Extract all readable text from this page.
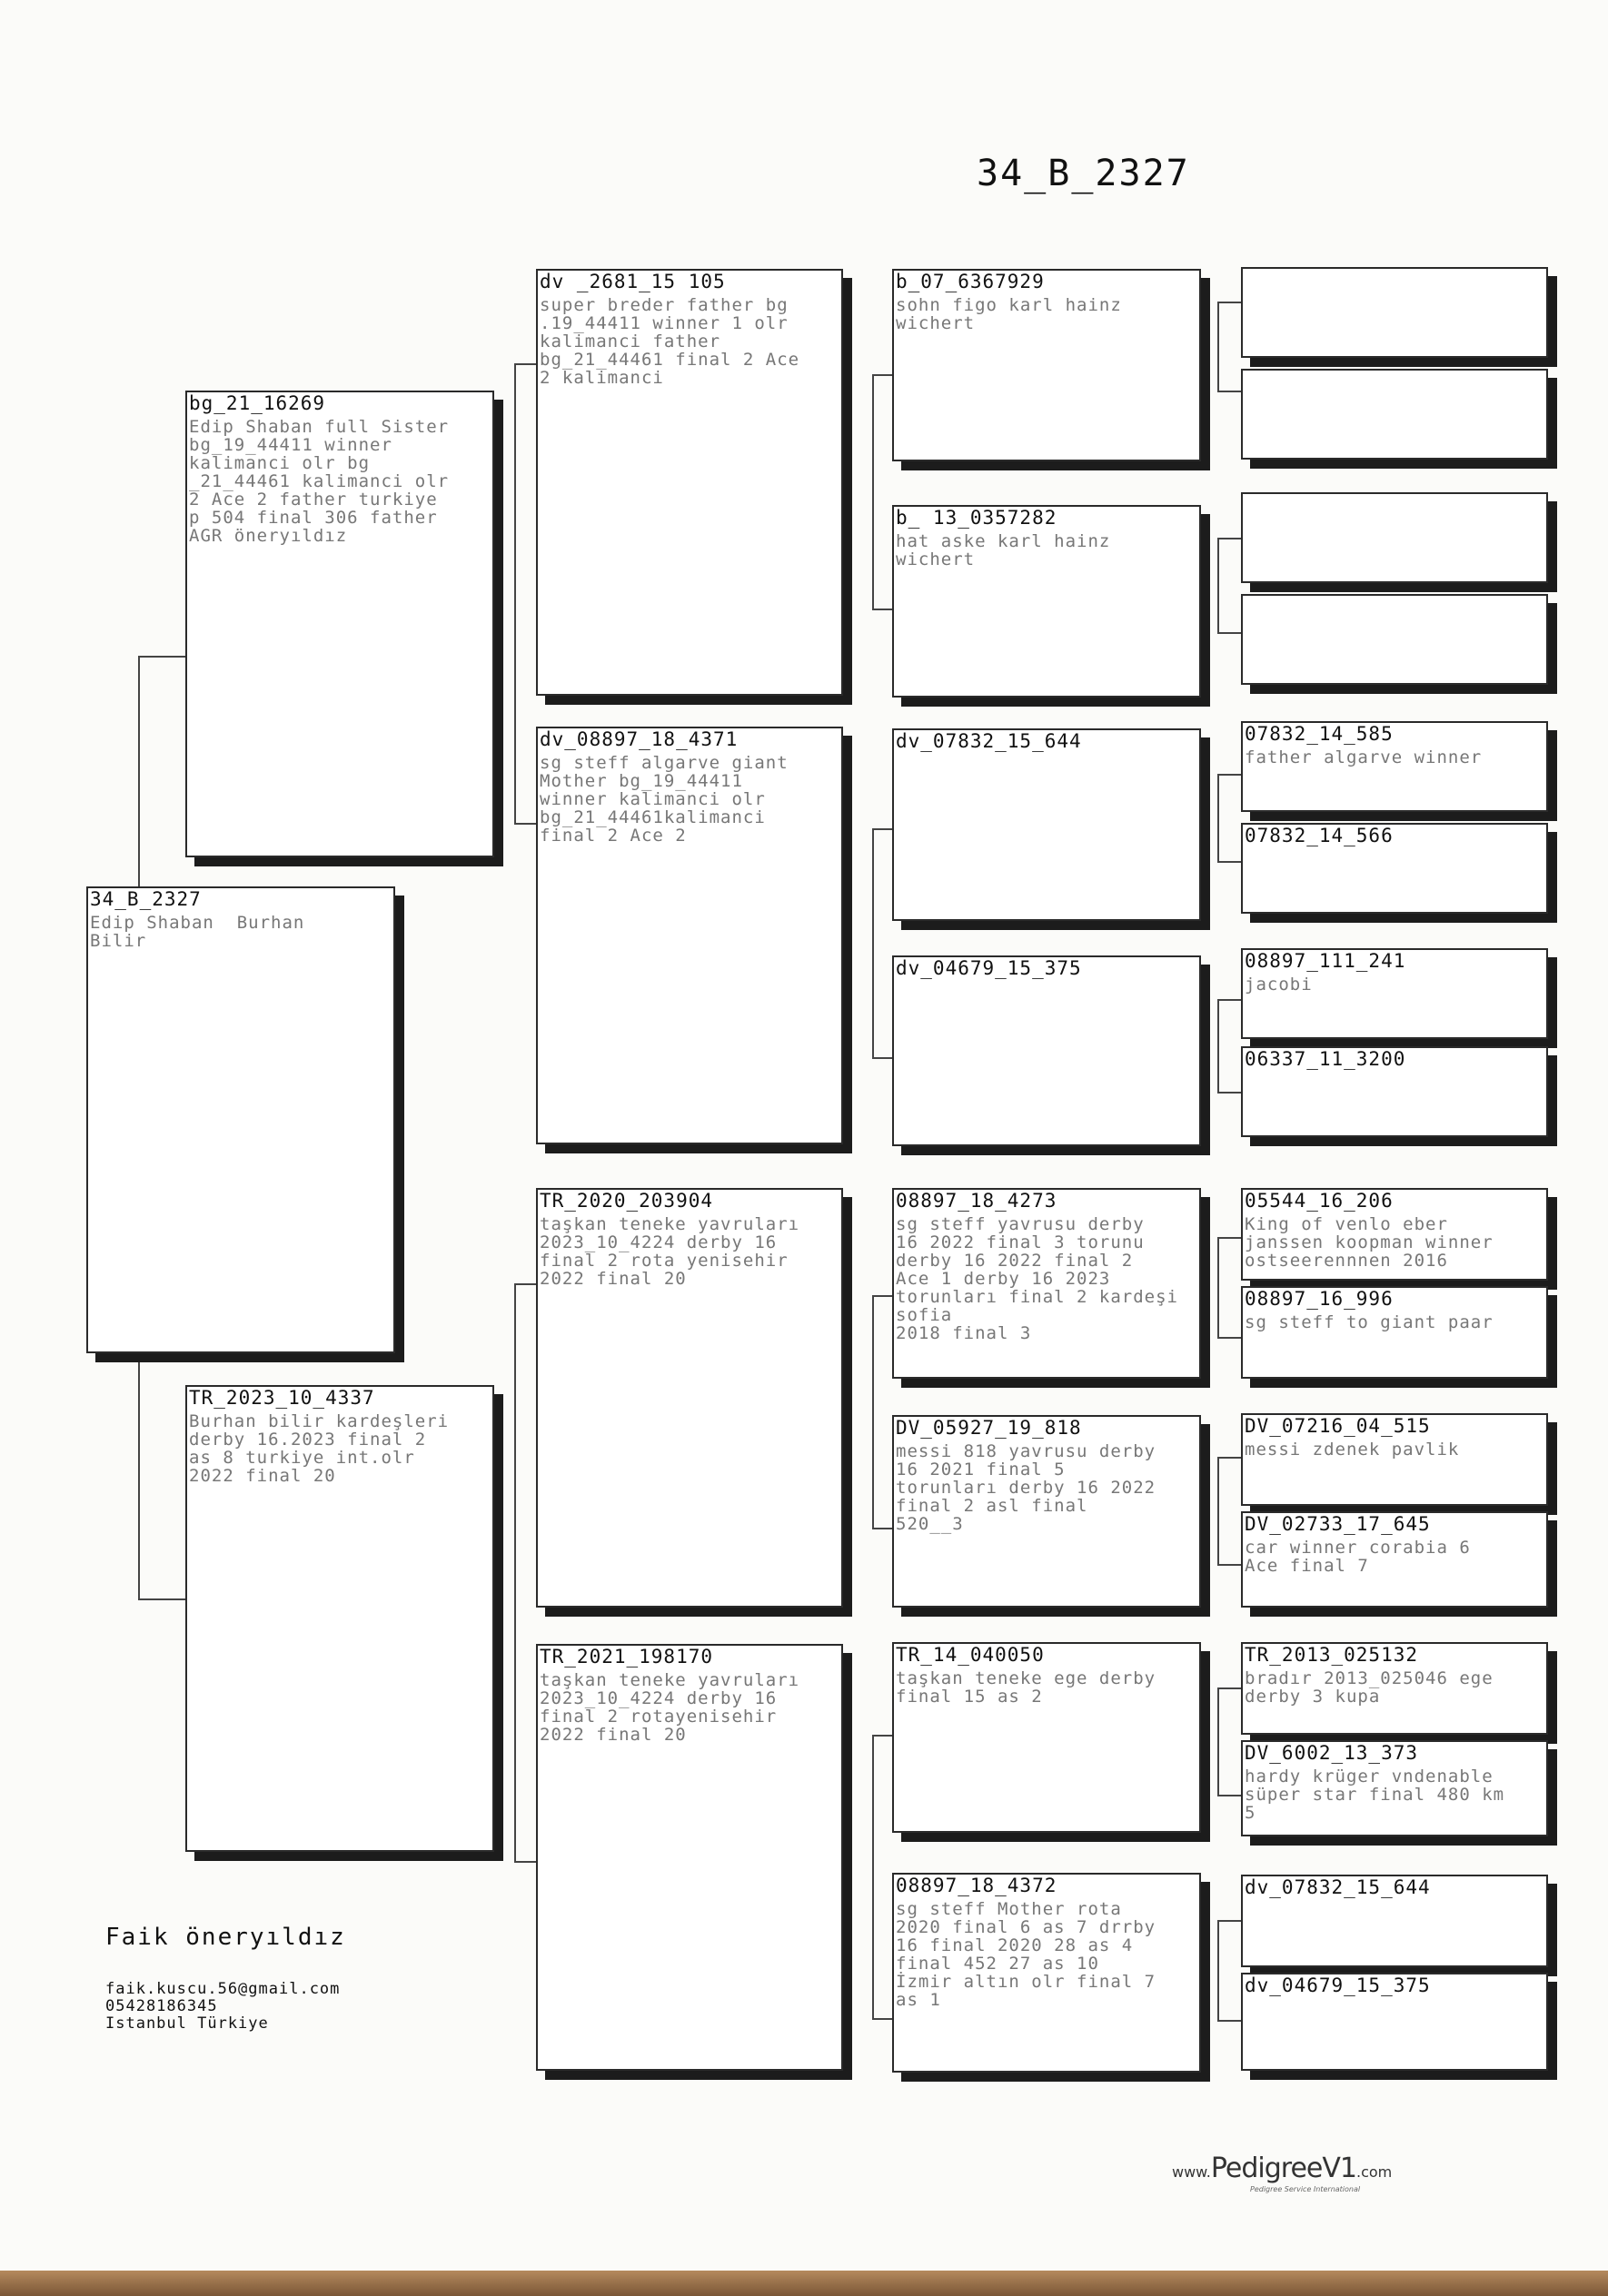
34_B_2327
34_B_2327
Edip Shaban  Burhan
Bilir
bg_21_16269
Edip Shaban full Sister
bg_19_44411 winner
kalimanci olr bg
_21_44461 kalimanci olr
2 Ace 2 father turkiye
p 504 final 306 father
AGR öneryıldız
TR_2023_10_4337
Burhan bilir kardeşleri
derby 16.2023 final 2
as 8 turkiye int.olr
2022 final 20
dv _2681_15 105
super breder father bg
.19_44411 winner 1 olr
kalimanci father
bg_21_44461 final 2 Ace
2 kalimanci
dv_08897_18_4371
sg steff algarve giant
Mother bg_19_44411
winner kalimanci olr
bg_21_44461kalimanci
final 2 Ace 2
TR_2020_203904
taşkan teneke yavruları
2023_10_4224 derby 16
final 2 rota yenisehir
2022 final 20
TR_2021_198170
taşkan teneke yavruları
2023_10_4224 derby 16
final 2 rotayenisehir
2022 final 20
b_07_6367929
sohn figo karl hainz
wichert
b_ 13_0357282
hat aske karl hainz
wichert
dv_07832_15_644
dv_04679_15_375
08897_18_4273
sg steff yavrusu derby
16 2022 final 3 torunu
derby 16 2022 final 2
Ace 1 derby 16 2023
torunları final 2 kardeşi sofia
2018 final 3
DV_05927_19_818
messi 818 yavrusu derby
16 2021 final 5
torunları derby 16 2022
final 2 asl final
520__3
TR_14_040050
taşkan teneke ege derby
final 15 as 2
08897_18_4372
sg steff Mother rota
2020 final 6 as 7 drrby
16 final 2020 28 as 4
final 452 27 as 10
İzmir altın olr final 7
as 1
07832_14_585
father algarve winner
07832_14_566
08897_111_241
jacobi
06337_11_3200
05544_16_206
King of venlo eber
janssen koopman winner
ostseerennnen 2016
08897_16_996
sg steff to giant paar
DV_07216_04_515
messi zdenek pavlik
DV_02733_17_645
car winner corabia 6
Ace final 7
TR_2013_025132
bradır 2013_025046 ege
derby 3 kupa
DV_6002_13_373
hardy krüger vndenable
süper star final 480 km
5
dv_07832_15_644
dv_04679_15_375
Faik öneryıldız
faik.kuscu.56@gmail.com
05428186345
Istanbul Türkiye
www.PedigreeV1.com
Pedigree Service International
